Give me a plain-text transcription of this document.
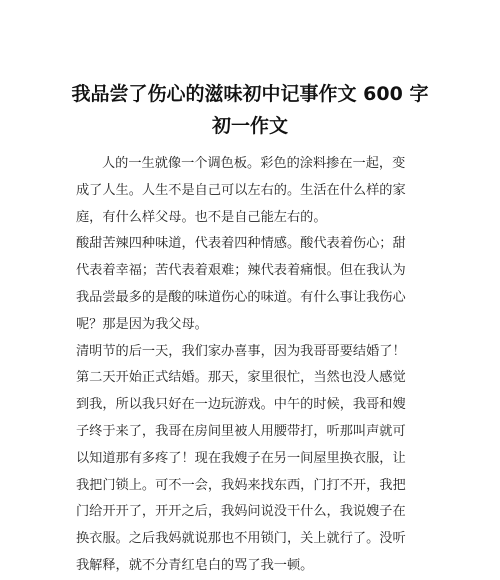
我品尝了伤心的滋味初中记事作文 600 字
初一作文
人的一生就像一个调色板。彩色的涂料掺在一起，变
成了人生。人生不是自己可以左右的。生活在什么样的家
庭，有什么样父母。也不是自己能左右的。
酸甜苦辣四种味道，代表着四种情感。酸代表着伤心；甜
代表着幸福；苦代表着艰难；辣代表着痛恨。但在我认为
我品尝最多的是酸的味道伤心的味道。有什么事让我伤心
呢？那是因为我父母。
清明节的后一天，我们家办喜事，因为我哥哥要结婚了！
第二天开始正式结婚。那天，家里很忙，当然也没人感觉
到我，所以我只好在一边玩游戏。中午的时候，我哥和嫂
子终于来了，我哥在房间里被人用腰带打，听那叫声就可
以知道那有多疼了！现在我嫂子在另一间屋里换衣服，让
我把门锁上。可不一会，我妈来找东西，门打不开，我把
门给开开了，开开之后，我妈问说没干什么，我说嫂子在
换衣服。之后我妈就说那也不用锁门，关上就行了。没听
我解释，就不分青红皂白的骂了我一顿。
